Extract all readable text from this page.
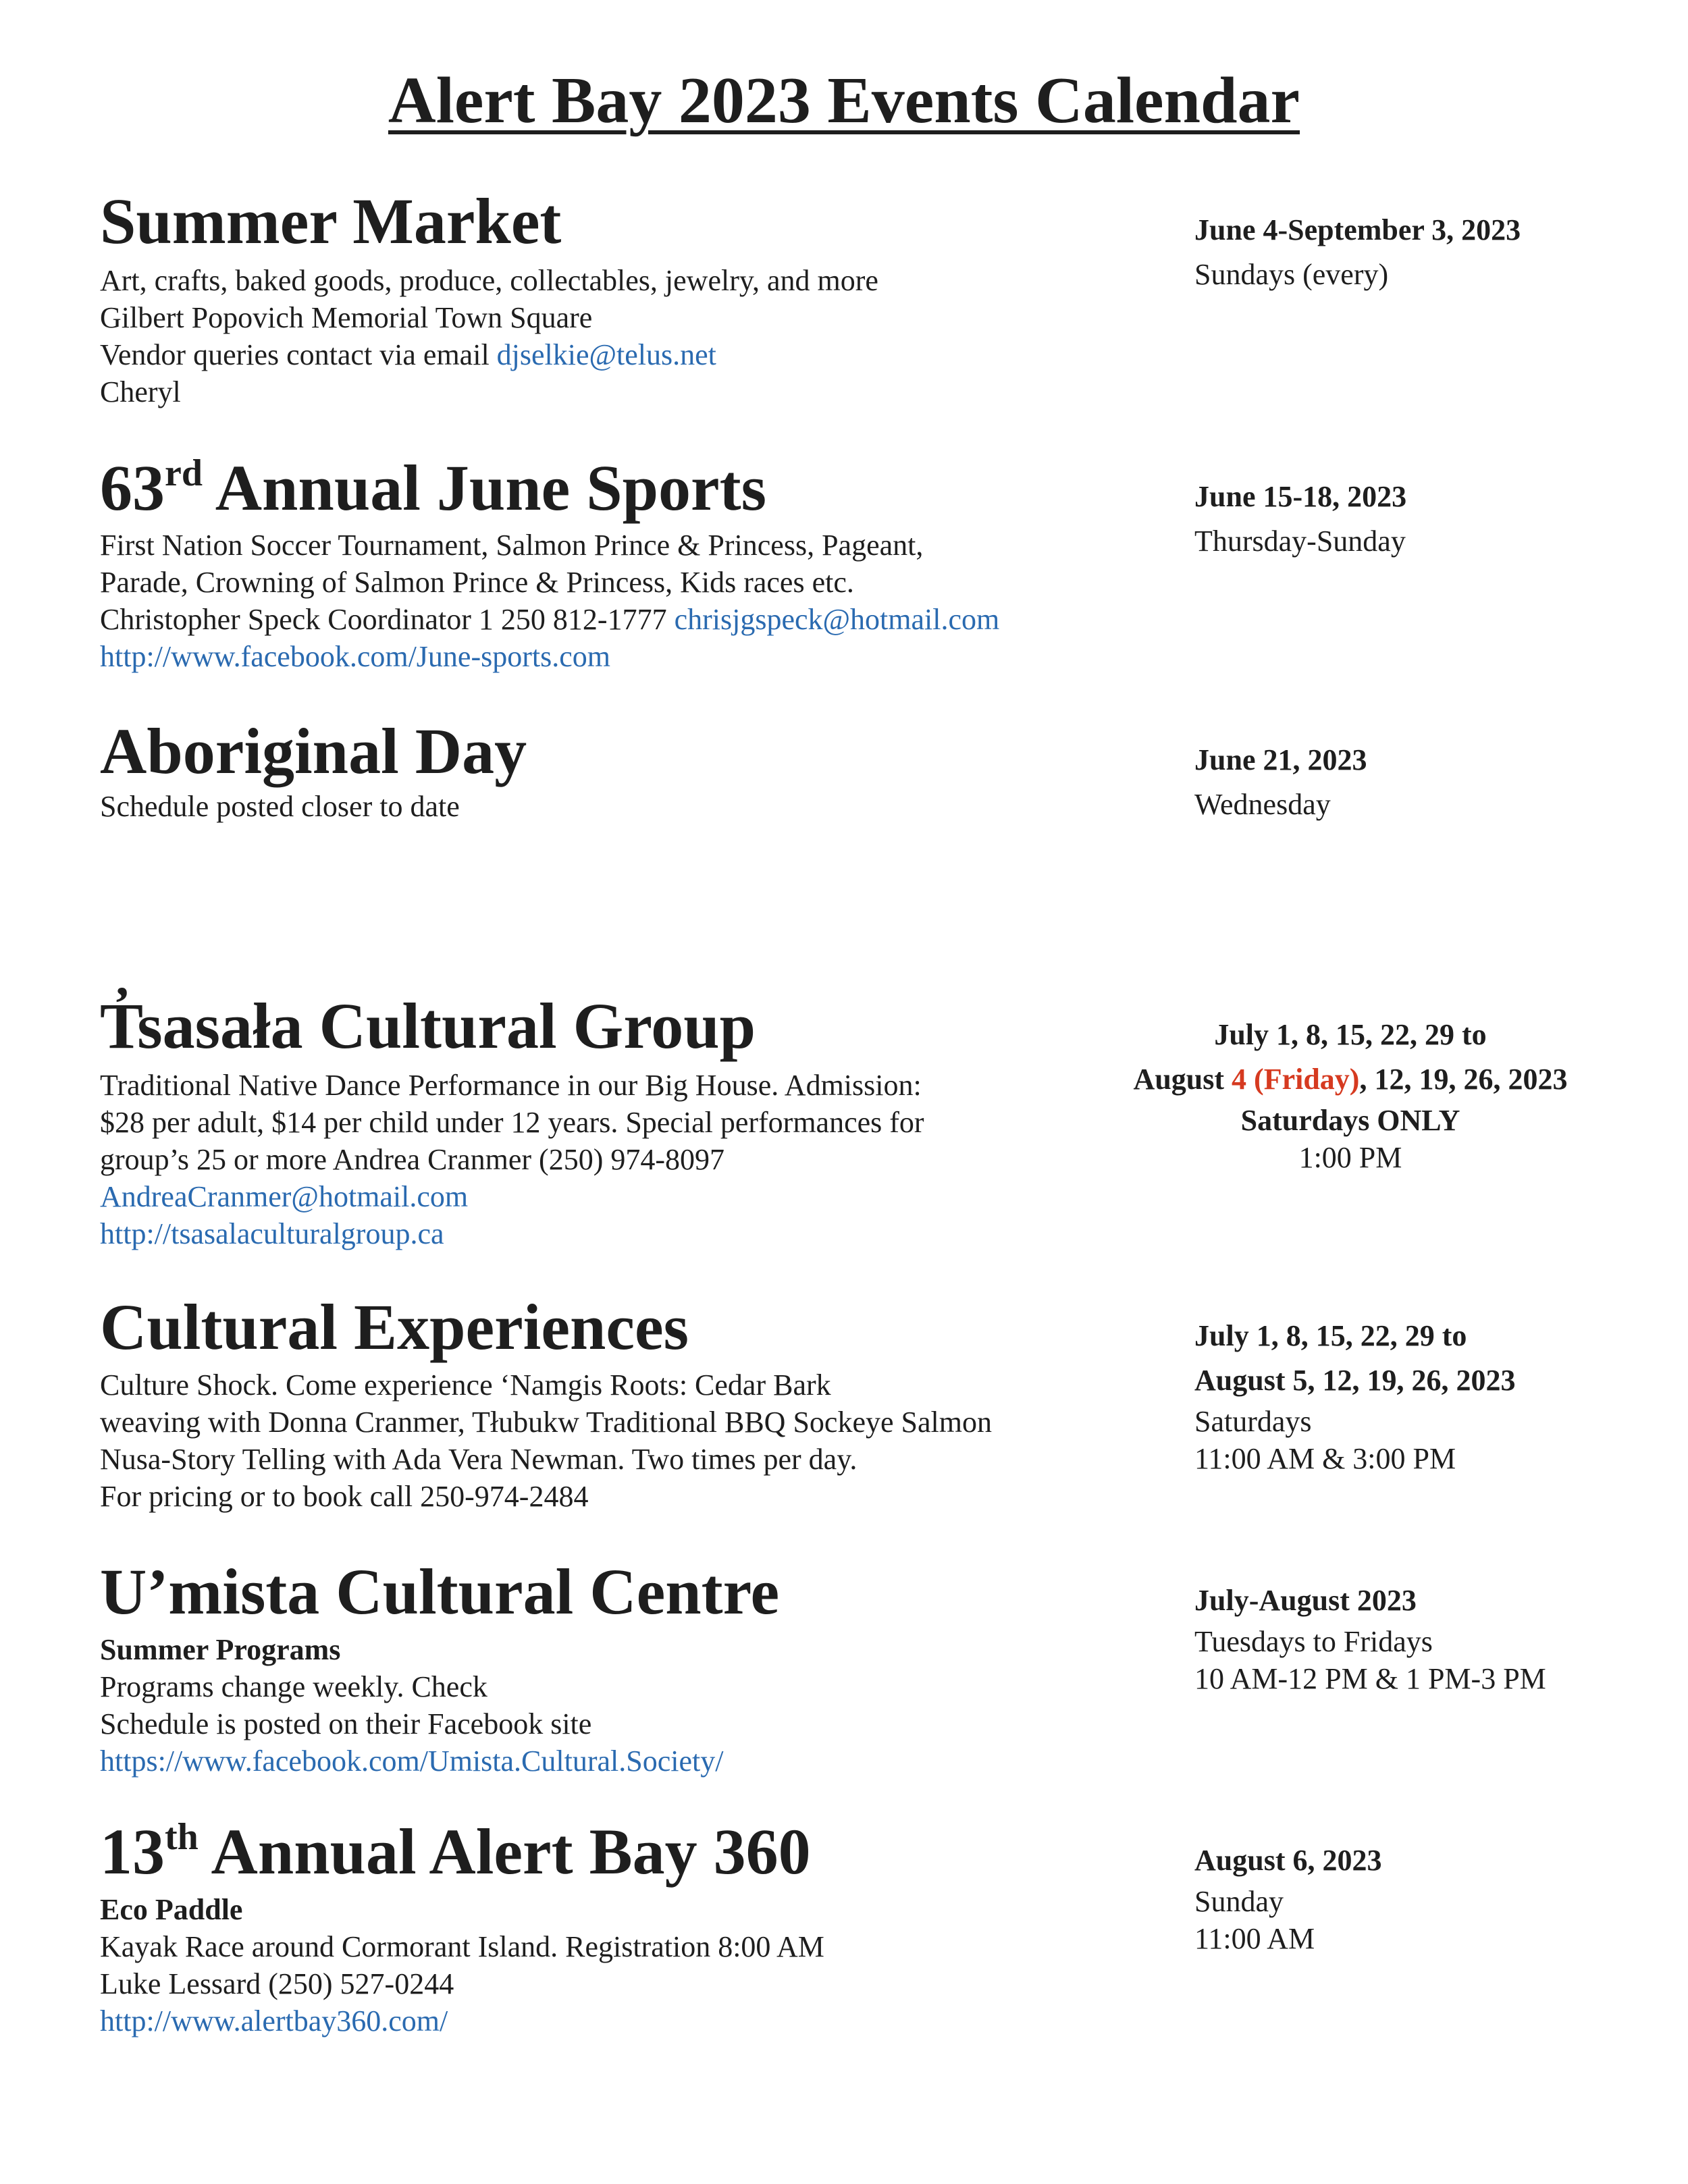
Alert Bay 2023 Events Calendar
Summer Market
Art, crafts, baked goods, produce, collectables, jewelry, and more
Gilbert Popovich Memorial Town Square
Vendor queries contact via email djselkie@telus.net
Cheryl
June 4-September 3, 2023
Sundays (every)
63rd Annual June Sports
First Nation Soccer Tournament, Salmon Prince & Princess, Pageant,
Parade, Crowning of Salmon Prince & Princess, Kids races etc.
Christopher Speck Coordinator 1 250 812-1777 chrisjgspeck@hotmail.com
http://www.facebook.com/June-sports.com
June 15-18, 2023
Thursday-Sunday
Aboriginal Day
Schedule posted closer to date
June 21, 2023
Wednesday
T̓sasała Cultural Group
Traditional Native Dance Performance in our Big House. Admission:
$28 per adult, $14 per child under 12 years. Special performances for
group’s 25 or more Andrea Cranmer (250) 974-8097
AndreaCranmer@hotmail.com
http://tsasalaculturalgroup.ca
July 1, 8, 15, 22, 29 to
August 4 (Friday), 12, 19, 26, 2023
Saturdays ONLY
1:00 PM
Cultural Experiences
Culture Shock. Come experience ‘Namgis Roots: Cedar Bark
weaving with Donna Cranmer, Tłubukw Traditional BBQ Sockeye Salmon
Nusa-Story Telling with Ada Vera Newman. Two times per day.
For pricing or to book call 250-974-2484
July 1, 8, 15, 22, 29 to
August 5, 12, 19, 26, 2023
Saturdays
11:00 AM & 3:00 PM
U’mista Cultural Centre
Summer Programs
Programs change weekly. Check
Schedule is posted on their Facebook site
https://www.facebook.com/Umista.Cultural.Society/
July-August 2023
Tuesdays to Fridays
10 AM-12 PM & 1 PM-3 PM
13th Annual Alert Bay 360
Eco Paddle
Kayak Race around Cormorant Island. Registration 8:00 AM
Luke Lessard (250) 527-0244
http://www.alertbay360.com/
August 6, 2023
Sunday
11:00 AM
